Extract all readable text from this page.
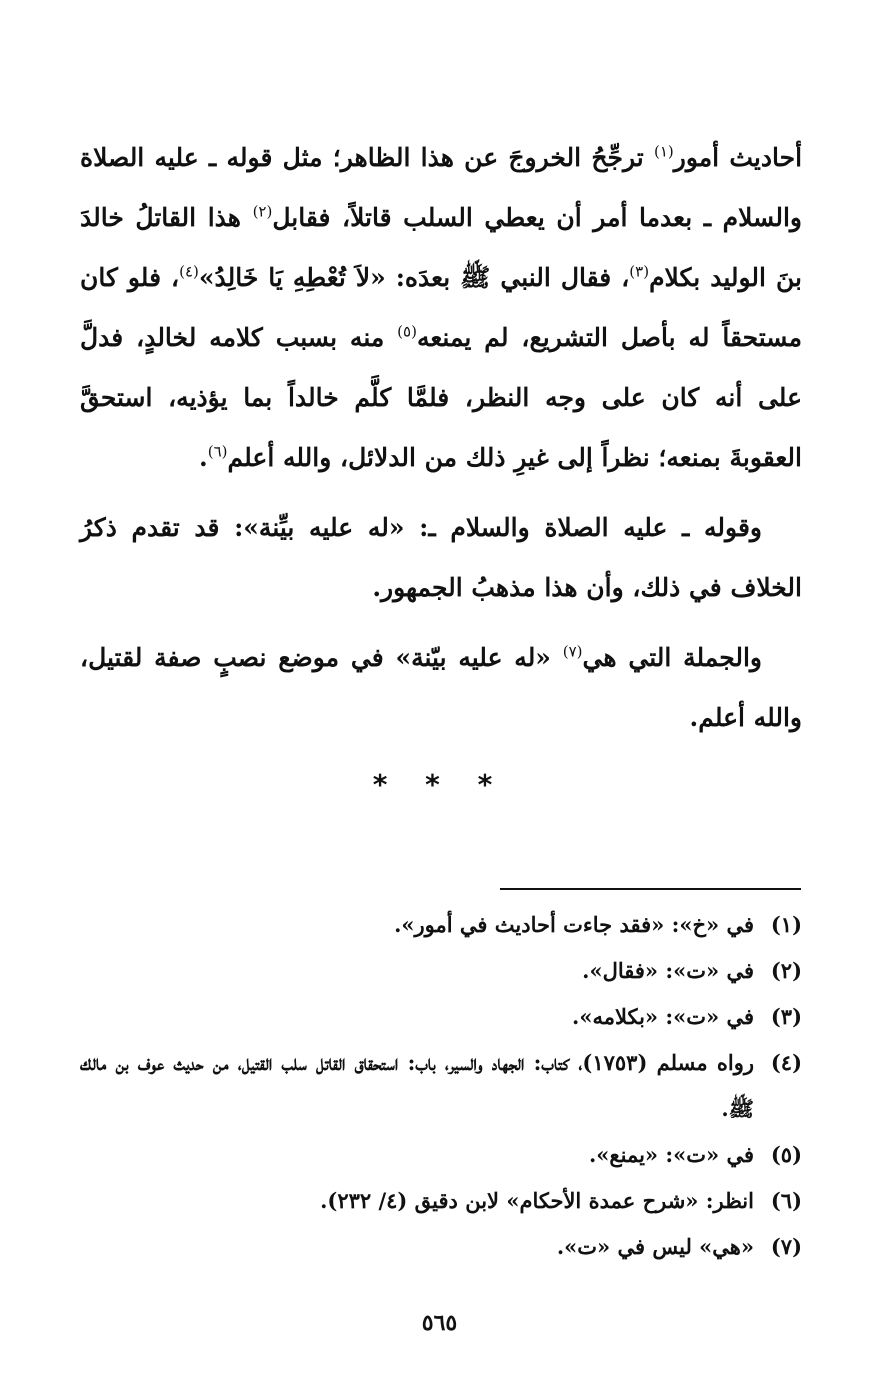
أحاديث أمور$^{(١)}$ ترجِّحُ الخروجَ عن هذا الظاهر؛ مثل قوله ـ عليه الصلاة والسلام ـ بعدما أمر أن يعطي السلب قاتلاً، فقابل$^{(٢)}$ هذا القاتلُ خالدَ بنَ الوليد بكلام$^{(٣)}$، فقال النبي ﷺ بعدَه: «لاَ تُعْطِهِ يَا خَالِدُ»$^{(٤)}$، فلو كان مستحقاً له بأصل التشريع، لم يمنعه$^{(٥)}$ منه بسبب كلامه لخالدٍ، فدلَّ على أنه كان على وجه النظر، فلمَّا كلَّم خالداً بما يؤذيه، استحقَّ العقوبةَ بمنعه؛ نظراً إلى غيرِ ذلك من الدلائل، والله أعلم$^{(٦)}$.

وقوله ـ عليه الصلاة والسلام ـ: «له عليه بيِّنة»: قد تقدم ذكرُ الخلاف في ذلك، وأن هذا مذهبُ الجمهور.

والجملة التي هي$^{(٧)}$ «له عليه بيّنة» في موضع نصبٍ صفة لقتيل، والله أعلم.

* * *
(١)
في «خ»: «فقد جاءت أحاديث في أمور».
(٢)
في «ت»: «فقال».
(٣)
في «ت»: «بكلامه».
(٤)
رواه مسلم (١٧٥٣)، كتاب: الجهاد والسير، باب: استحقاق القاتل سلب القتيل، من حديث عوف بن مالك ﷺ.
(٥)
في «ت»: «يمنع».
(٦)
انظر: «شرح عمدة الأحكام» لابن دقيق (٤/ ٢٣٢).
(٧)
«هي» ليس في «ت».
٥٦٥
